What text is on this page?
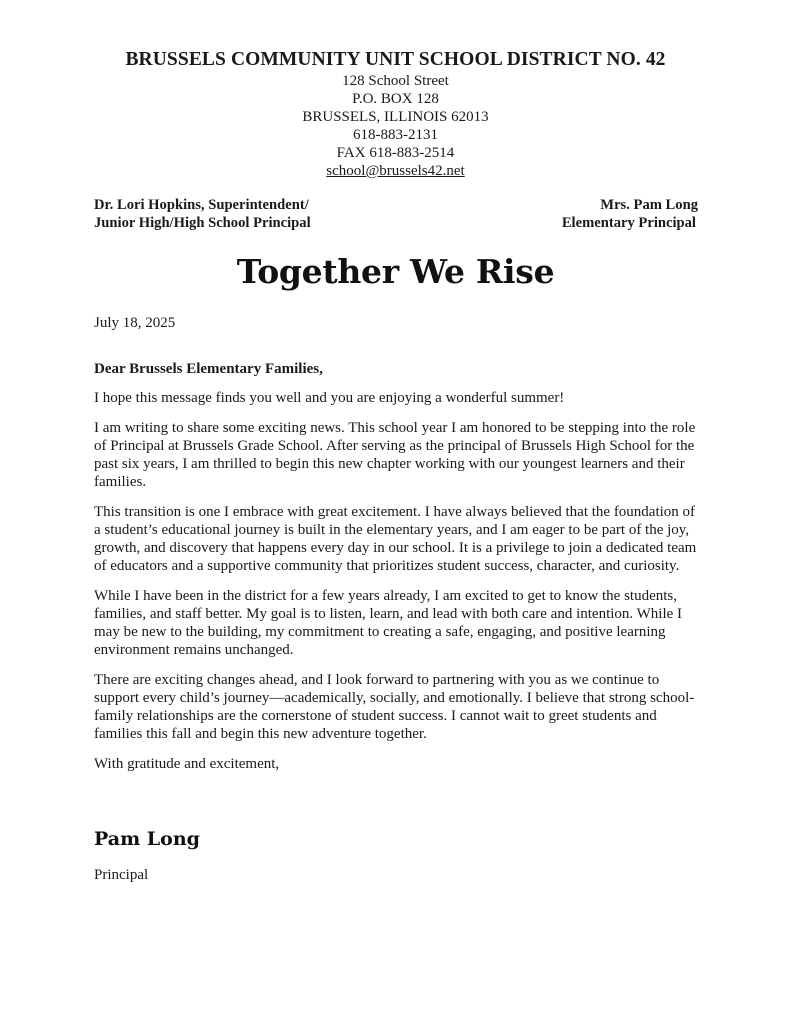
BRUSSELS COMMUNITY UNIT SCHOOL DISTRICT NO. 42
128 School Street
P.O. BOX 128
BRUSSELS, ILLINOIS 62013
618-883-2131
FAX 618-883-2514
school@brussels42.net
Dr. Lori Hopkins, Superintendent/
Junior High/High School Principal
Mrs. Pam Long
Elementary Principal
Together We Rise

July 18, 2025

Dear Brussels Elementary Families,

I hope this message finds you well and you are enjoying a wonderful summer!

I am writing to share some exciting news. This school year I am honored to be stepping into the role of Principal at Brussels Grade School. After serving as the principal of Brussels High School for the past six years, I am thrilled to begin this new chapter working with our youngest learners and their families.

This transition is one I embrace with great excitement. I have always believed that the foundation of a student’s educational journey is built in the elementary years, and I am eager to be part of the joy, growth, and discovery that happens every day in our school. It is a privilege to join a dedicated team of educators and a supportive community that prioritizes student success, character, and curiosity.

While I have been in the district for a few years already, I am excited to get to know the students, families, and staff better. My goal is to listen, learn, and lead with both care and intention. While I may be new to the building, my commitment to creating a safe, engaging, and positive learning environment remains unchanged.

There are exciting changes ahead, and I look forward to partnering with you as we continue to support every child’s journey—academically, socially, and emotionally. I believe that strong school-family relationships are the cornerstone of student success. I cannot wait to greet students and families this fall and begin this new adventure together.

With gratitude and excitement,

Pam Long
Principal
